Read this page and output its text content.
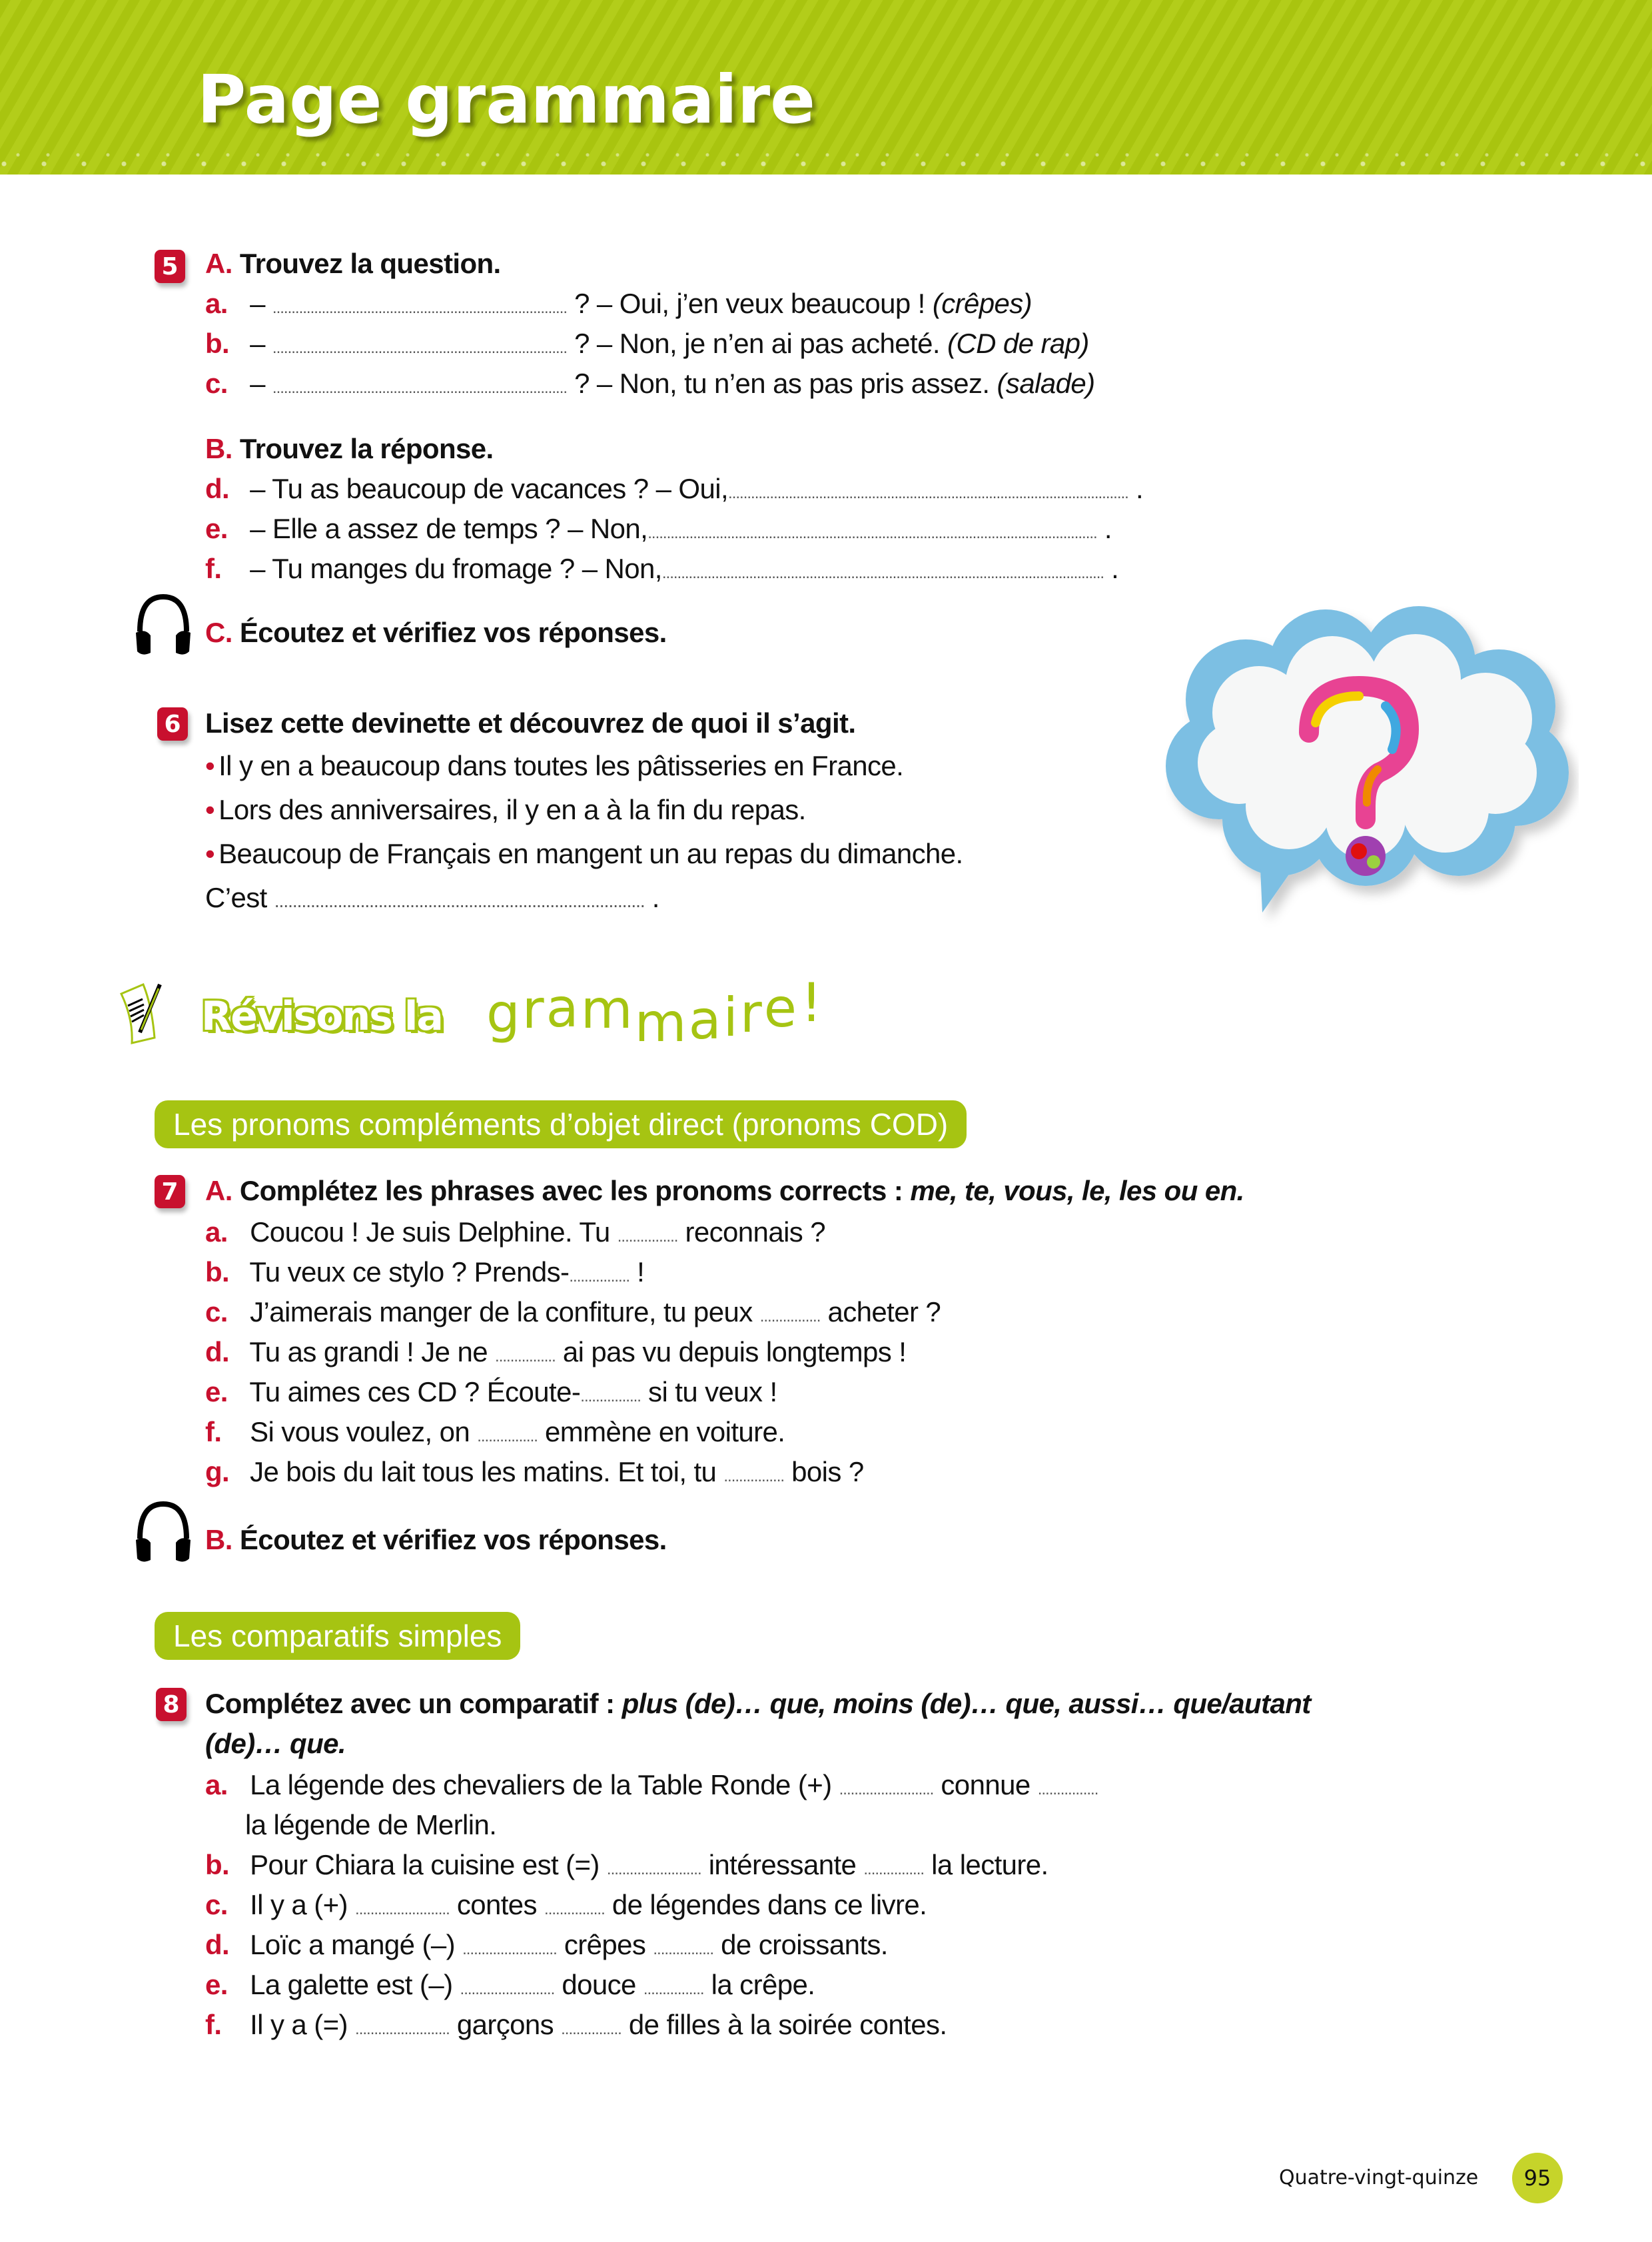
Page grammaire
5 A. Trouvez la question.
a. – .............................................................................. ? – Oui, j’en veux beaucoup ! (crêpes)
b. – .............................................................................. ? – Non, je n’en ai pas acheté. (CD de rap)
c. – .............................................................................. ? – Non, tu n’en as pas pris assez. (salade)
B. Trouvez la réponse.
d. – Tu as beaucoup de vacances ? – Oui,.......................................................................................................... .
e. – Elle a assez de temps ? – Non,....................................................................................................................... .
f. – Tu manges du fromage ? – Non,..................................................................................................................... .
C. Écoutez et vérifiez vos réponses.
6 Lisez cette devinette et découvrez de quoi il s’agit.
• Il y en a beaucoup dans toutes les pâtisseries en France.
• Lors des anniversaires, il y en a à la fin du repas.
• Beaucoup de Français en mangent un au repas du dimanche.
C’est .................................................................................. .
Révisons la grammaire!
Les pronoms compléments d’objet direct (pronoms COD)
7 A. Complétez les phrases avec les pronoms corrects : me, te, vous, le, les ou en.
a. Coucou ! Je suis Delphine. Tu ................ reconnais ?
b. Tu veux ce stylo ? Prends-................ !
c. J’aimerais manger de la confiture, tu peux ................ acheter ?
d. Tu as grandi ! Je ne ................ ai pas vu depuis longtemps !
e. Tu aimes ces CD ? Écoute-................ si tu veux !
f. Si vous voulez, on ................ emmène en voiture.
g. Je bois du lait tous les matins. Et toi, tu ................ bois ?
B. Écoutez et vérifiez vos réponses.
Les comparatifs simples
8 Complétez avec un comparatif : plus (de)… que, moins (de)… que, aussi… que/autant
(de)… que.
a. La légende des chevaliers de la Table Ronde (+) ......................... connue ................
la légende de Merlin.
b. Pour Chiara la cuisine est (=) ......................... intéressante ................ la lecture.
c. Il y a (+) ......................... contes ................ de légendes dans ce livre.
d. Loïc a mangé (–) ......................... crêpes ................ de croissants.
e. La galette est (–) ......................... douce ................ la crêpe.
f. Il y a (=) ......................... garçons ................ de filles à la soirée contes.
Quatre-vingt-quinze	95
